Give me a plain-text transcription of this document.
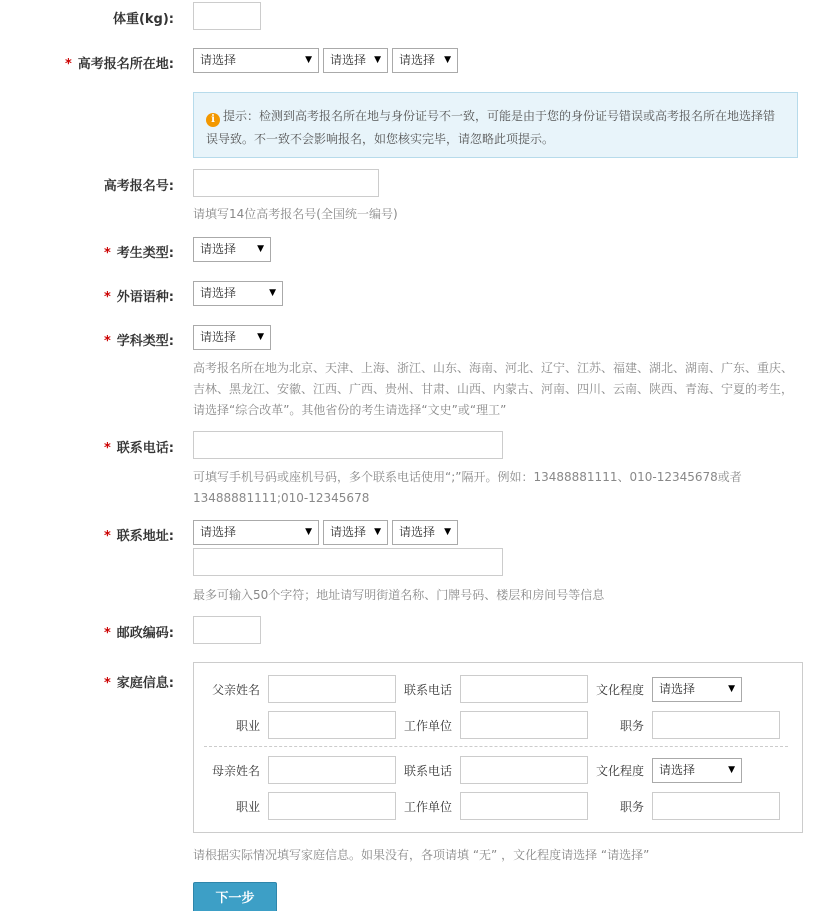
体重(kg):
* 高考报名所在地:	请选择	▼	请选择 ▼	请选择 ▼
i 提示：检测到高考报名所在地与身份证号不一致，可能是由于您的身份证号错误或高考报名所在地选择错误导致。不一致不会影响报名，如您核实完毕，请忽略此项提示。
高考报名号:
请填写14位高考报名号(全国统一编号)
* 考生类型:	请选择 ▼
* 外语语种:	请选择	▼
* 学科类型:	请选择 ▼
高考报名所在地为北京、天津、上海、浙江、山东、海南、河北、辽宁、江苏、福建、湖北、湖南、广东、重庆、吉林、黑龙江、安徽、江西、广西、贵州、甘肃、山西、内蒙古、河南、四川、云南、陕西、青海、宁夏的考生，请选择“综合改革”。其他省份的考生请选择“文史”或“理工”
* 联系电话:
可填写手机号码或座机号码，多个联系电话使用“;”隔开。例如：13488881111、010-12345678或者13488881111;010-12345678
* 联系地址:	请选择	▼	请选择 ▼	请选择 ▼
最多可输入50个字符；地址请写明街道名称、门牌号码、楼层和房间号等信息
* 邮政编码:
* 家庭信息:	父亲姓名	联系电话	文化程度	请选择	▼
职业	工作单位	职务
母亲姓名	联系电话	文化程度	请选择	▼
职业	工作单位	职务
请根据实际情况填写家庭信息。如果没有，各项请填 “无” ，文化程度请选择 “请选择”
下一步
